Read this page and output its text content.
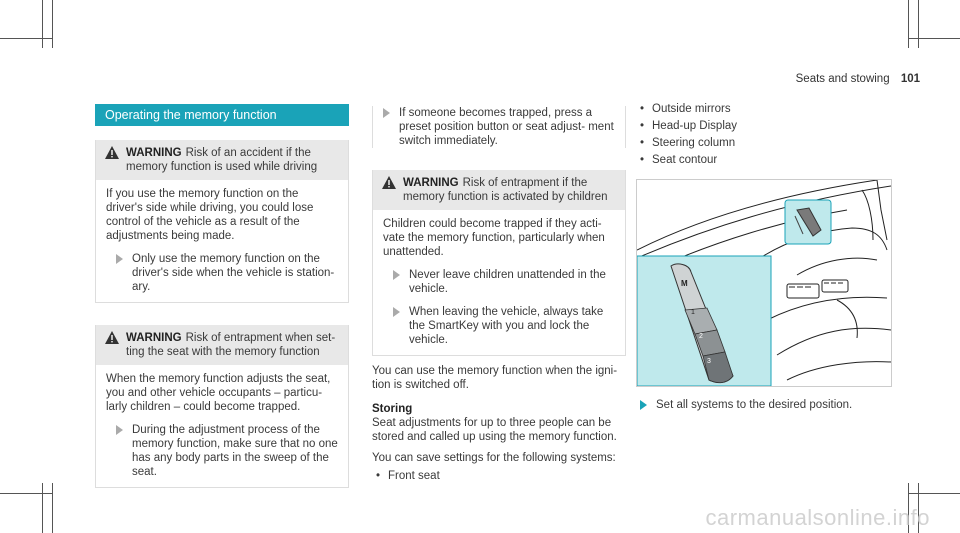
Seats and stowing 101
Operating the memory function
WARNING Risk of an accident if the memory function is used while driving
If you use the memory function on the driver's side while driving, you could lose control of the vehicle as a result of the adjustments being made.
Only use the memory function on the driver's side when the vehicle is station- ary.
WARNING Risk of entrapment when set- ting the seat with the memory function
When the memory function adjusts the seat, you and other vehicle occupants – particu- larly children – could become trapped.
During the adjustment process of the memory function, make sure that no one has any body parts in the sweep of the seat.
If someone becomes trapped, press a preset position button or seat adjust- ment switch immediately.
WARNING Risk of entrapment if the memory function is activated by children
Children could become trapped if they acti- vate the memory function, particularly when unattended.
Never leave children unattended in the vehicle.
When leaving the vehicle, always take the SmartKey with you and lock the vehicle.
You can use the memory function when the igni- tion is switched off.
Storing
Seat adjustments for up to three people can be stored and called up using the memory function.
You can save settings for the following systems:
• Front seat
• Outside mirrors
• Head-up Display
• Steering column
• Seat contour
M
1
2
3
Set all systems to the desired position.
carmanualsonline.info
